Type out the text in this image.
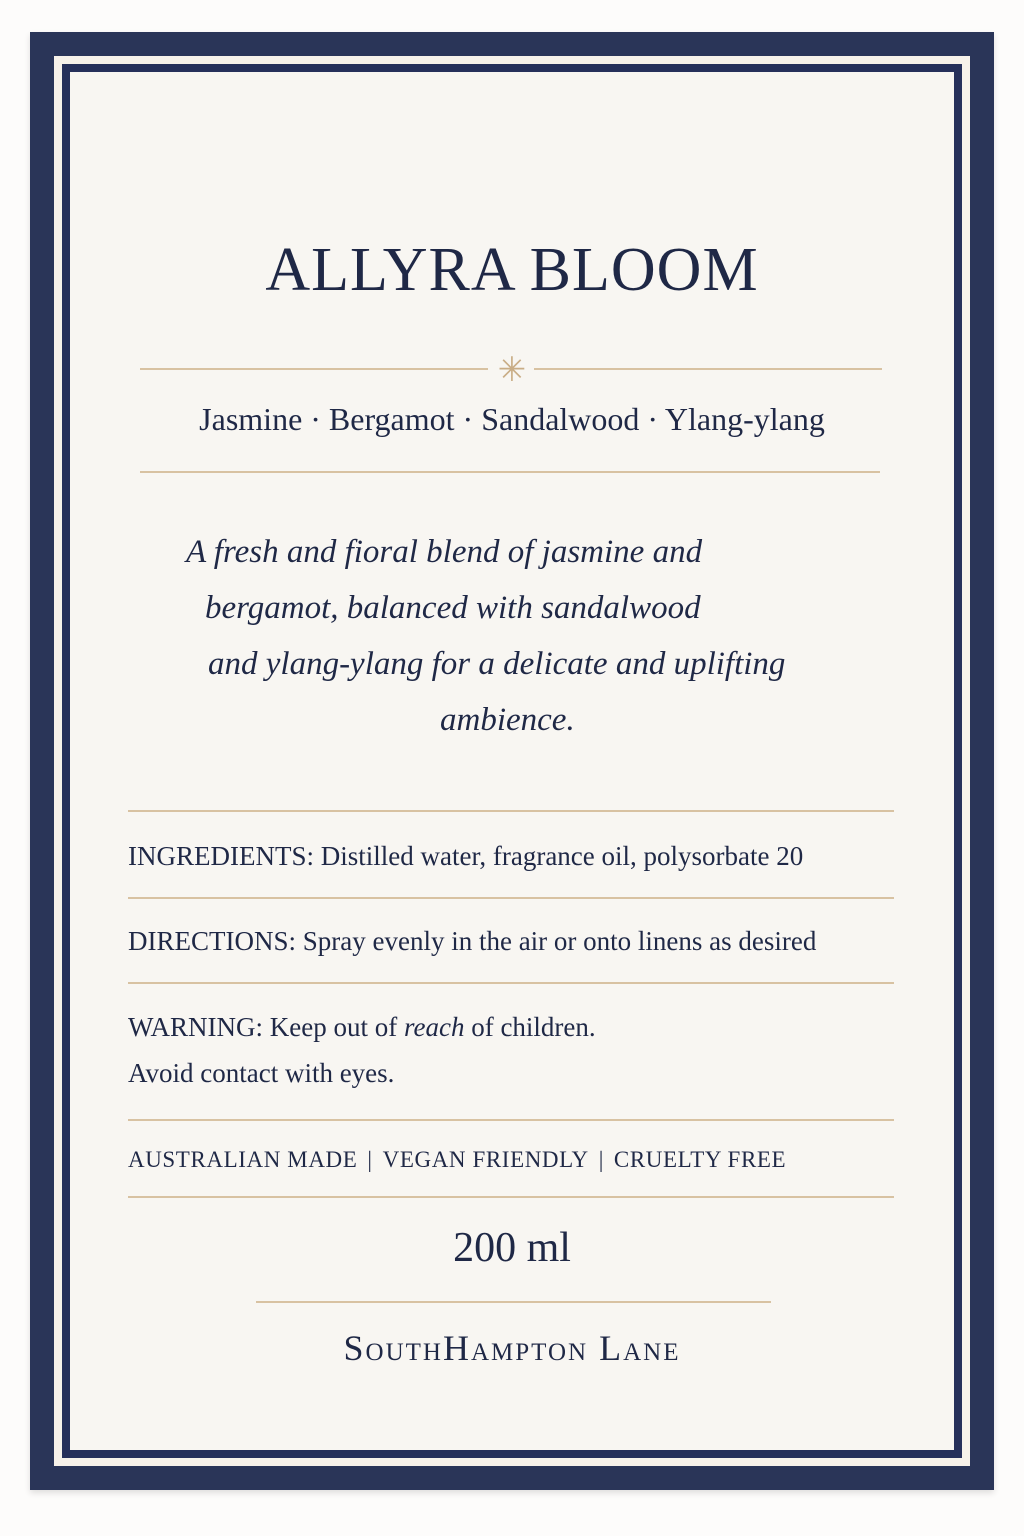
ALLYRA BLOOM
✳
Jasmine · Bergamot · Sandalwood · Ylang-ylang
A fresh and fioral blend of jasmine and
bergamot, balanced with sandalwood
and ylang-ylang for a delicate and uplifting
ambience.
INGREDIENTS: Distilled water, fragrance oil, polysorbate 20
DIRECTIONS: Spray evenly in the air or onto linens as desired
WARNING: Keep out of reach of children.
Avoid contact with eyes.
AUSTRALIAN MADE | VEGAN FRIENDLY | CRUELTY FREE
200 ml
SouthHampton Lane
